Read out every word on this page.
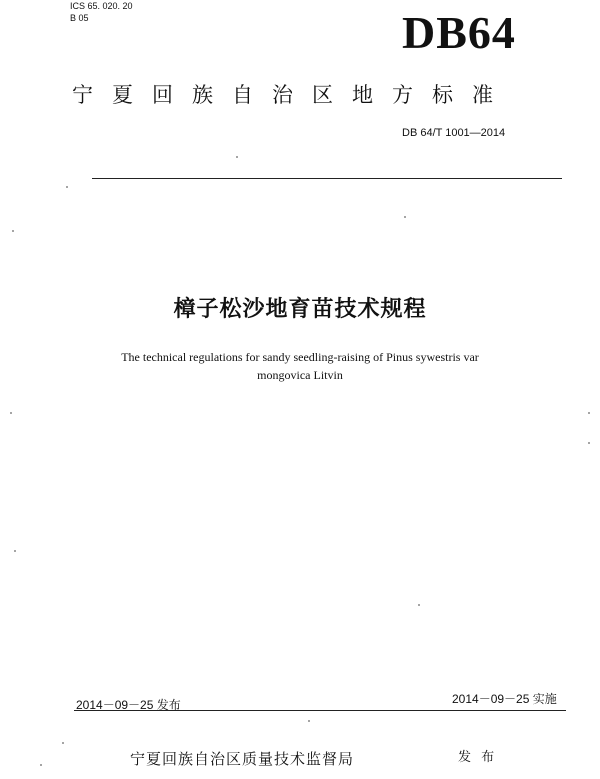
ICS 65. 020. 20
B 05	DB64
宁夏回族自治区地方标准
DB 64/T 1001—2014
樟子松沙地育苗技术规程
The technical regulations for sandy seedling-raising of Pinus sywestris var
mongovica Litvin
2014－09－25 发布	2014－09－25 实施
宁夏回族自治区质量技术监督局	发 布
